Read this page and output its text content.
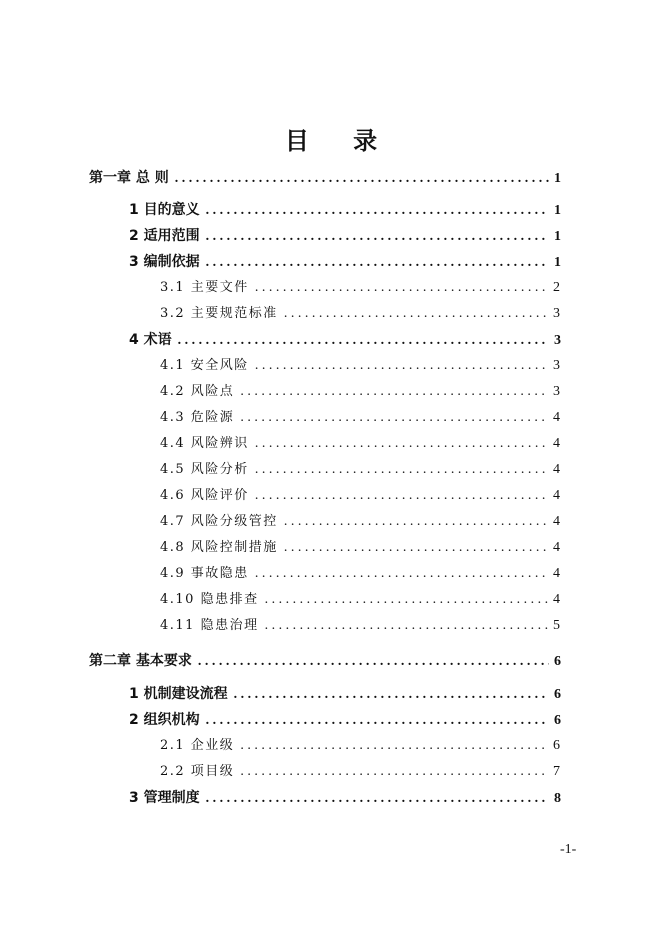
目 录
第一章 总 则 . . .	1
1 目的意义 . . .	1
2 适用范围 . . .	1
3 编制依据 . . .	1
3.1 主要文件 . . .	2
3.2 主要规范标准 . . .	3
4 术语 . . .	3
4.1 安全风险 . . .	3
4.2 风险点 . . .	3
4.3 危险源 . . .	4
4.4 风险辨识 . . .	4
4.5 风险分析 . . .	4
4.6 风险评价 . . .	4
4.7 风险分级管控 . . .	4
4.8 风险控制措施 . . .	4
4.9 事故隐患 . . .	4
4.10 隐患排查 . . .	4
4.11 隐患治理 . . .	5
第二章 基本要求 . . .	6
1 机制建设流程 . . .	6
2 组织机构 . . .	6
2.1 企业级 . . .	6
2.2 项目级 . . .	7
3 管理制度 . . .	8
-1-
